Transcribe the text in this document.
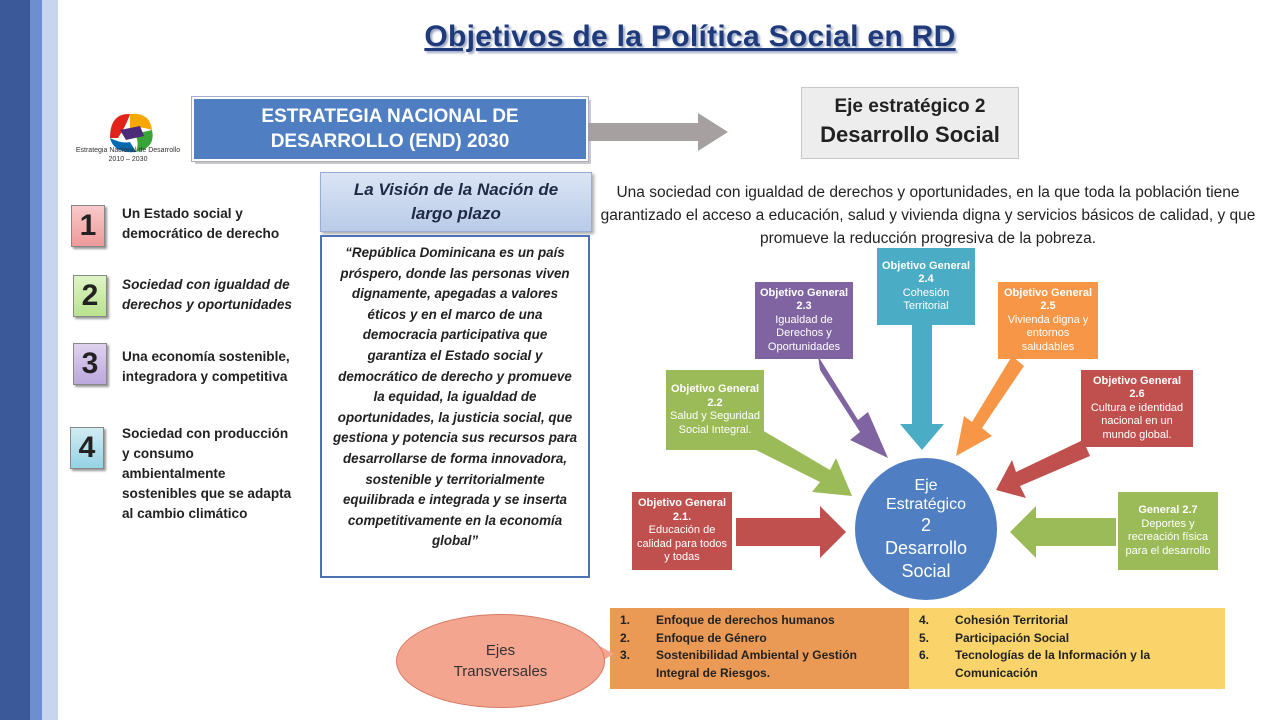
Objetivos de la Política Social en RD
Estrategia Nacional de Desarrollo
2010 – 2030
ESTRATEGIA NACIONAL DE
DESARROLLO (END) 2030
Eje estratégico 2
Desarrollo Social
Una sociedad con igualdad de derechos y oportunidades, en la que toda la población tiene garantizado el acceso a educación, salud y vivienda digna y servicios básicos de calidad, y que promueve la reducción progresiva de la pobreza.
La Visión de la Nación de
largo plazo
“República Dominicana es un país próspero, donde las personas viven dignamente, apegadas a valores éticos y en el marco de una democracia participativa que garantiza el Estado social y democrático de derecho y promueve la equidad, la igualdad de oportunidades, la justicia social, que gestiona y potencia sus recursos para desarrollarse de forma innovadora, sostenible y territorialmente equilibrada e integrada y se inserta competitivamente en la economía global”
1	Un Estado social y democrático de derecho
2	Sociedad con igualdad de derechos y oportunidades
3	Una economía sostenible, integradora y competitiva
4	Sociedad con producción y consumo ambientalmente sostenibles que se adapta al cambio climático
Eje
Estratégico
2
Desarrollo
Social
Objetivo General 2.1.
Educación de calidad para todos y todas
Objetivo General 2.2
Salud y Seguridad Social Integral.
Objetivo General 2.3
Igualdad de Derechos y Oportunidades
Objetivo General 2.4
Cohesión Territorial
Objetivo General 2.5
Vivienda digna y entornos saludables
Objetivo General 2.6
Cultura e identidad nacional en un mundo global.
General 2.7
Deportes y recreación física para el desarrollo
1.	Enfoque de derechos humanos
2.	Enfoque de Género
3.	Sostenibilidad Ambiental y Gestión
Integral de Riesgos.
4.	Cohesión Territorial
5.	Participación Social
6.	Tecnologías de la Información y la
Comunicación
Ejes
Transversales
